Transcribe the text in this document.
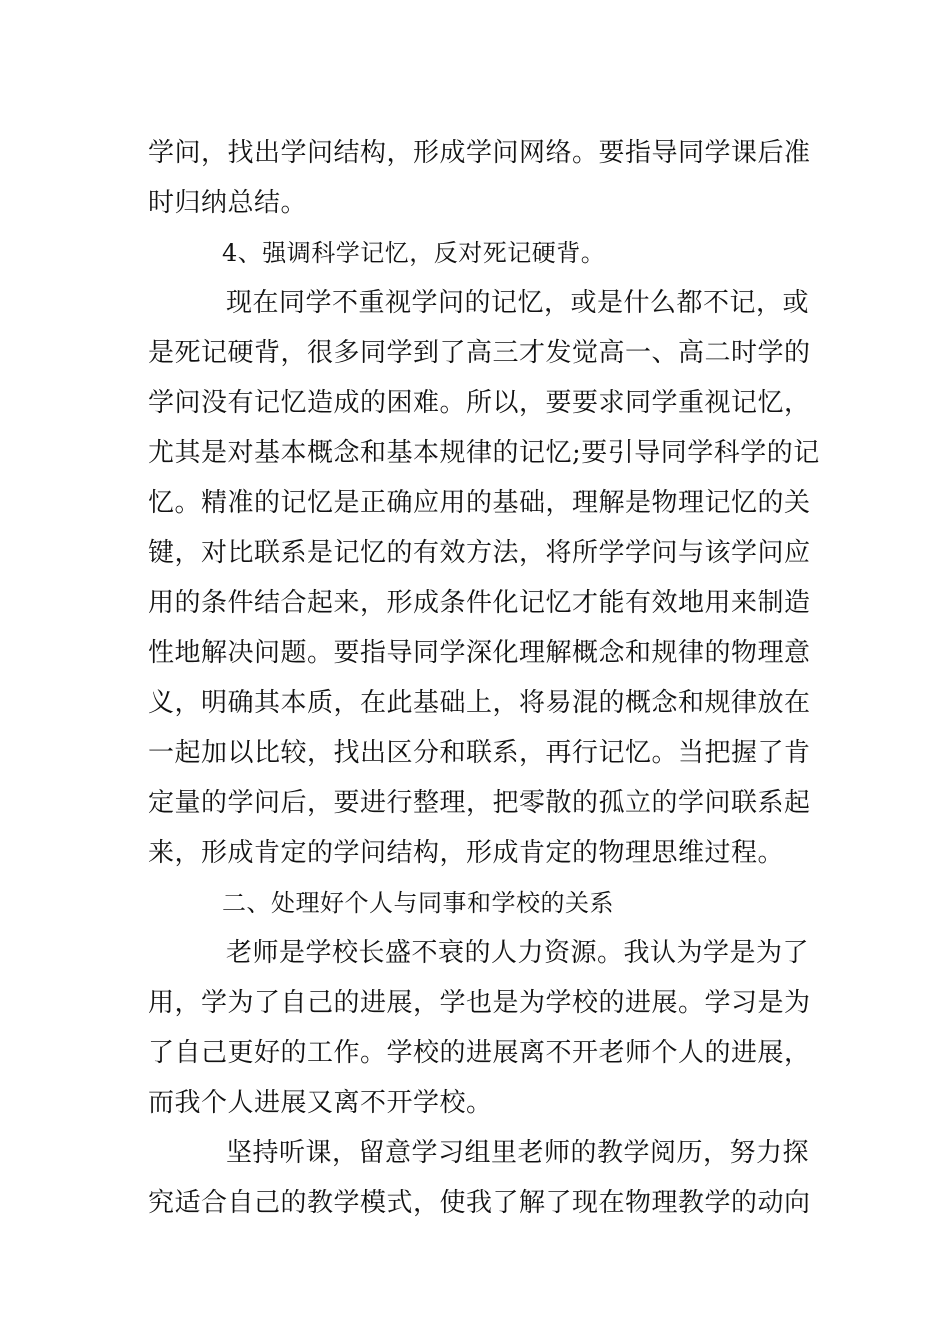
学问，找出学问结构，形成学问网络。要指导同学课后准
时归纳总结。
4、强调科学记忆，反对死记硬背。
现在同学不重视学问的记忆，或是什么都不记，或
是死记硬背，很多同学到了高三才发觉高一、高二时学的
学问没有记忆造成的困难。所以，要要求同学重视记忆，
尤其是对基本概念和基本规律的记忆;要引导同学科学的记
忆。精准的记忆是正确应用的基础，理解是物理记忆的关
键，对比联系是记忆的有效方法，将所学学问与该学问应
用的条件结合起来，形成条件化记忆才能有效地用来制造
性地解决问题。要指导同学深化理解概念和规律的物理意
义，明确其本质，在此基础上，将易混的概念和规律放在
一起加以比较，找出区分和联系，再行记忆。当把握了肯
定量的学问后，要进行整理，把零散的孤立的学问联系起
来，形成肯定的学问结构，形成肯定的物理思维过程。
二、处理好个人与同事和学校的关系
老师是学校长盛不衰的人力资源。我认为学是为了
用，学为了自己的进展，学也是为学校的进展。学习是为
了自己更好的工作。学校的进展离不开老师个人的进展，
而我个人进展又离不开学校。
坚持听课，留意学习组里老师的教学阅历，努力探
究适合自己的教学模式，使我了解了现在物理教学的动向
